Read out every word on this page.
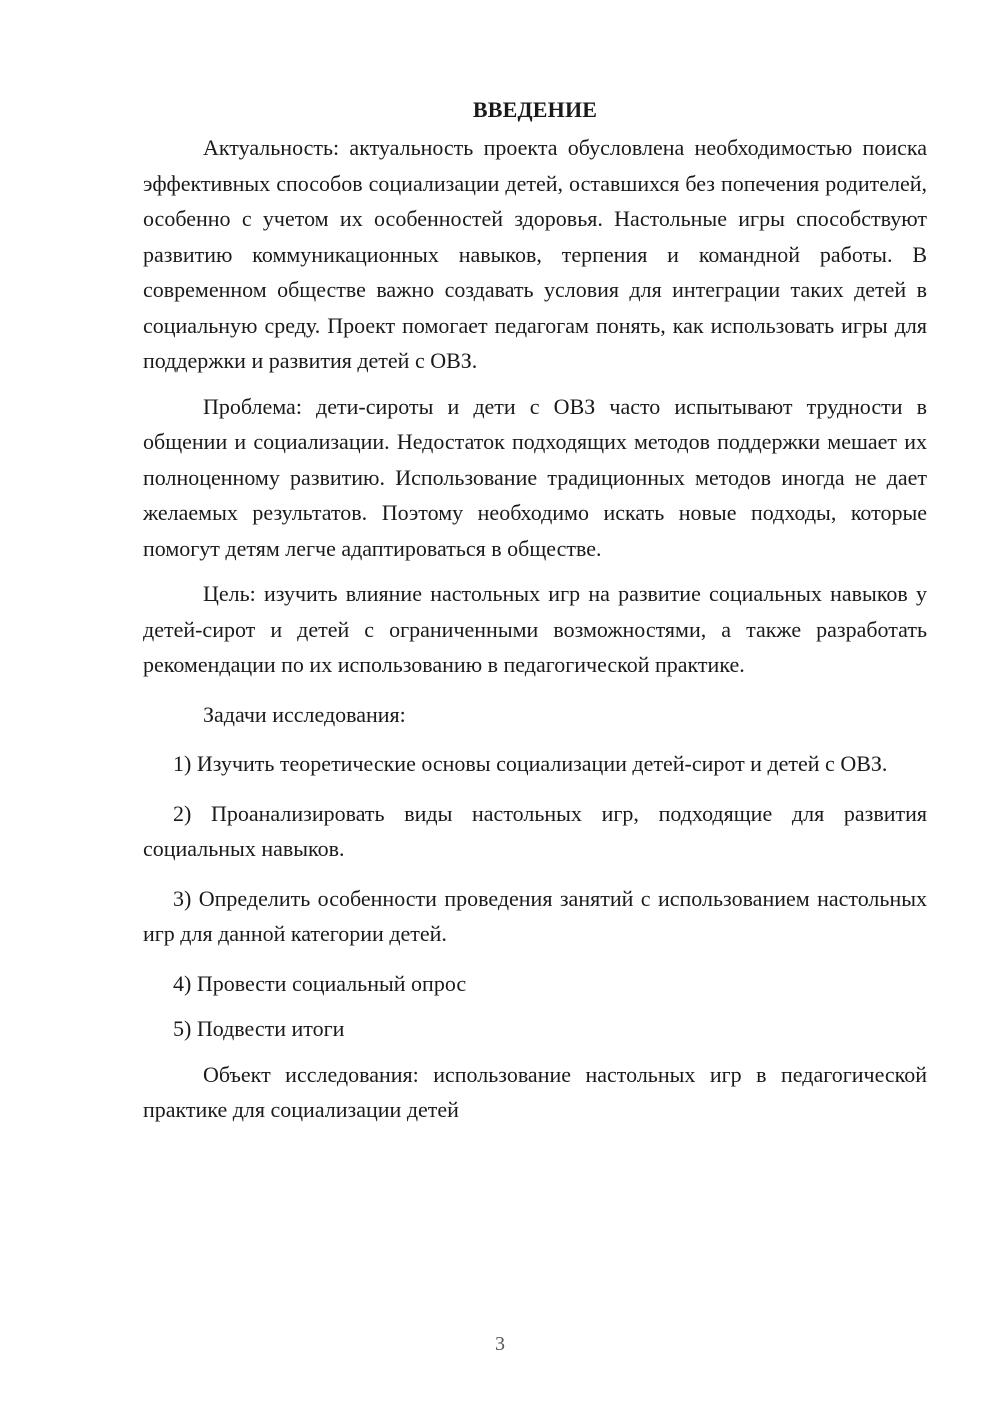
ВВЕДЕНИЕ

Актуальность: актуальность проекта обусловлена необходимостью поиска эффективных способов социализации детей, оставшихся без попечения родителей, особенно с учетом их особенностей здоровья. Настольные игры способствуют развитию коммуникационных навыков, терпения и командной работы. В современном обществе важно создавать условия для интеграции таких детей в социальную среду. Проект помогает педагогам понять, как использовать игры для поддержки и развития детей с ОВЗ.

Проблема: дети-сироты и дети с ОВЗ часто испытывают трудности в общении и социализации. Недостаток подходящих методов поддержки мешает их полноценному развитию. Использование традиционных методов иногда не дает желаемых результатов. Поэтому необходимо искать новые подходы, которые помогут детям легче адаптироваться в обществе.

Цель: изучить влияние настольных игр на развитие социальных навыков у детей-сирот и детей с ограниченными возможностями, а также разработать рекомендации по их использованию в педагогической практике.

Задачи исследования:

1) Изучить теоретические основы социализации детей-сирот и детей с ОВЗ.

2) Проанализировать виды настольных игр, подходящие для развития социальных навыков.

3) Определить особенности проведения занятий с использованием настольных игр для данной категории детей.

4) Провести социальный опрос

5) Подвести итоги

Объект исследования: использование настольных игр в педагогической практике для социализации детей

3
